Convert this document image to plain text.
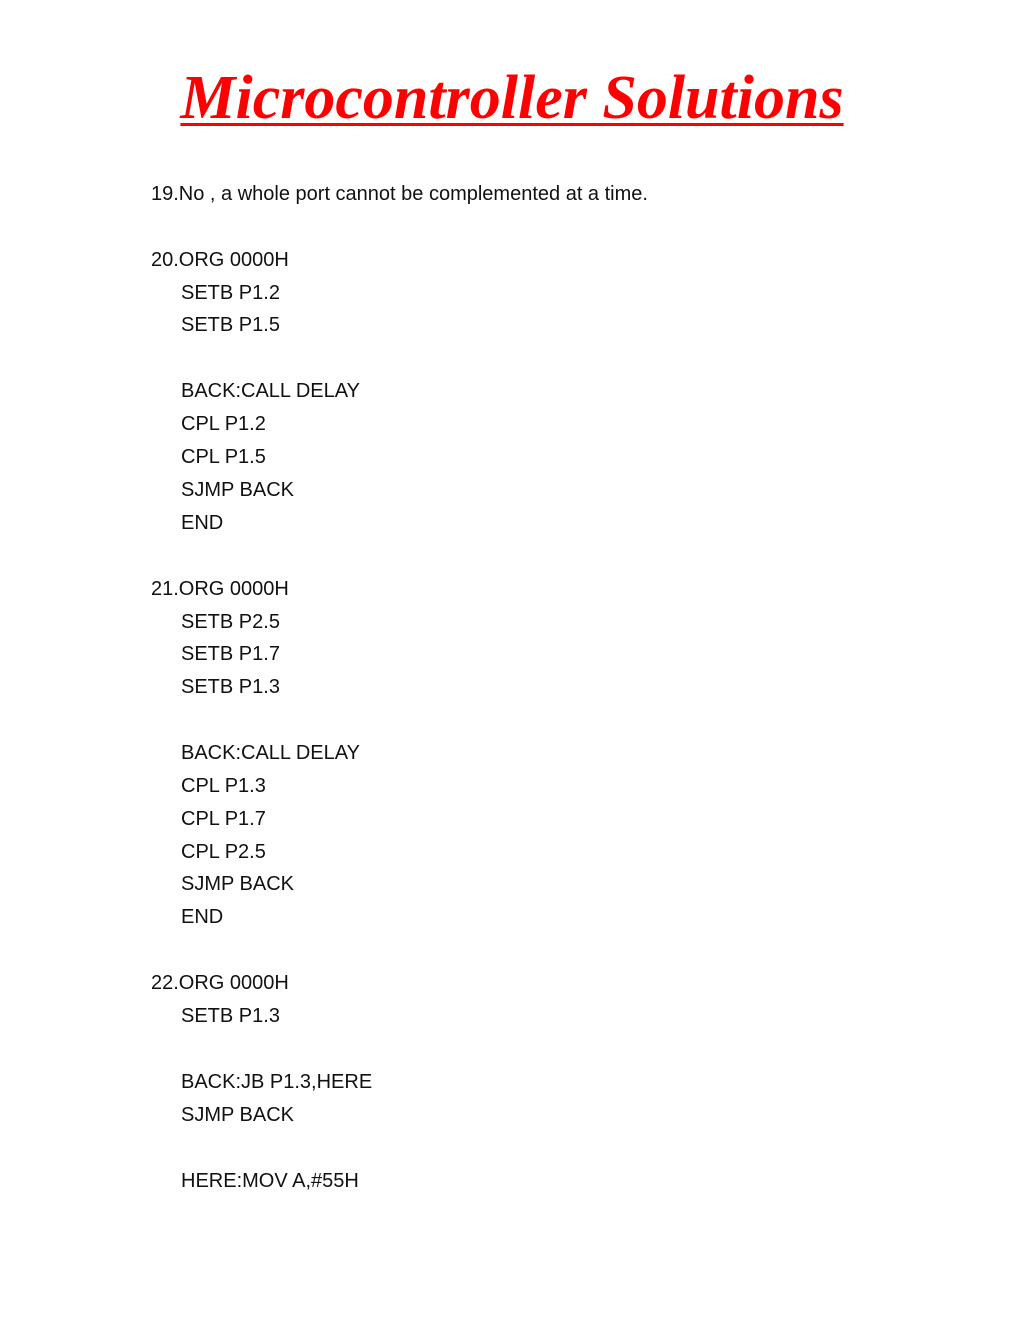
Microcontroller Solutions
19.No , a whole port cannot be complemented at a time.
20.ORG 0000H
SETB P1.2
SETB P1.5
BACK:CALL DELAY
CPL P1.2
CPL P1.5
SJMP BACK
END
21.ORG 0000H
SETB P2.5
SETB P1.7
SETB P1.3
BACK:CALL DELAY
CPL P1.3
CPL P1.7
CPL P2.5
SJMP BACK
END
22.ORG 0000H
SETB P1.3
BACK:JB P1.3,HERE
SJMP BACK
HERE:MOV A,#55H
